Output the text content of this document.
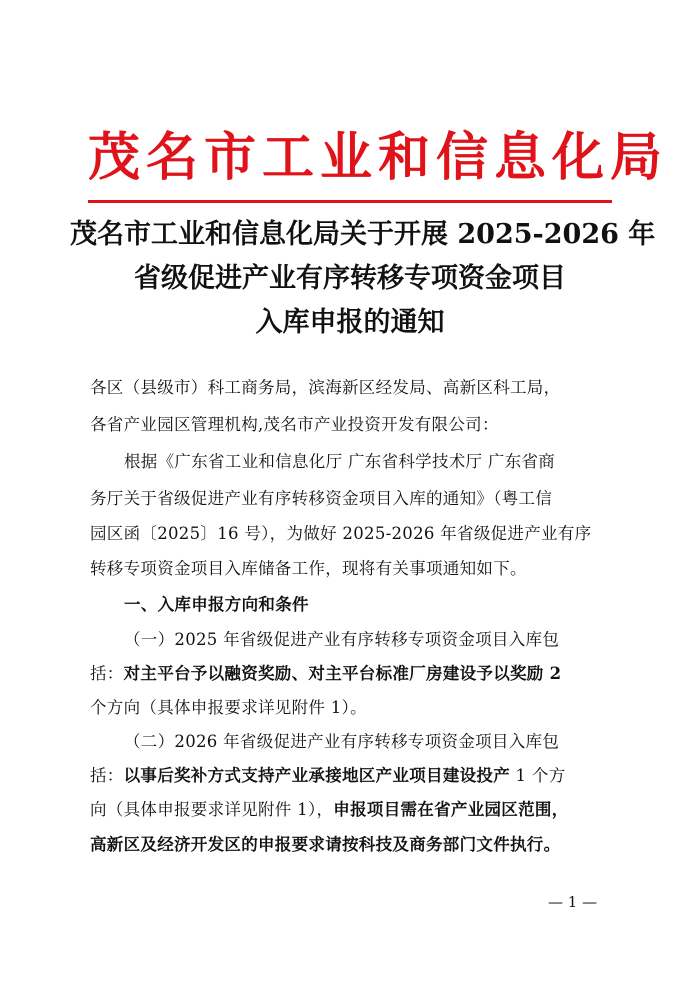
茂名市工业和信息化局
茂名市工业和信息化局关于开展 2025-2026 年
省级促进产业有序转移专项资金项目
入库申报的通知
各区（县级市）科工商务局，滨海新区经发局、高新区科工局，
各省产业园区管理机构,茂名市产业投资开发有限公司：
根据《广东省工业和信息化厅 广东省科学技术厅 广东省商
务厅关于省级促进产业有序转移资金项目入库的通知》（粤工信
园区函〔2025〕16 号），为做好 2025-2026 年省级促进产业有序
转移专项资金项目入库储备工作，现将有关事项通知如下。
一、入库申报方向和条件
（一）2025 年省级促进产业有序转移专项资金项目入库包
括：对主平台予以融资奖励、对主平台标准厂房建设予以奖励 2
个方向（具体申报要求详见附件 1）。
（二）2026 年省级促进产业有序转移专项资金项目入库包
括：以事后奖补方式支持产业承接地区产业项目建设投产 1 个方
向（具体申报要求详见附件 1），申报项目需在省产业园区范围，
高新区及经济开发区的申报要求请按科技及商务部门文件执行。
— 1 —
